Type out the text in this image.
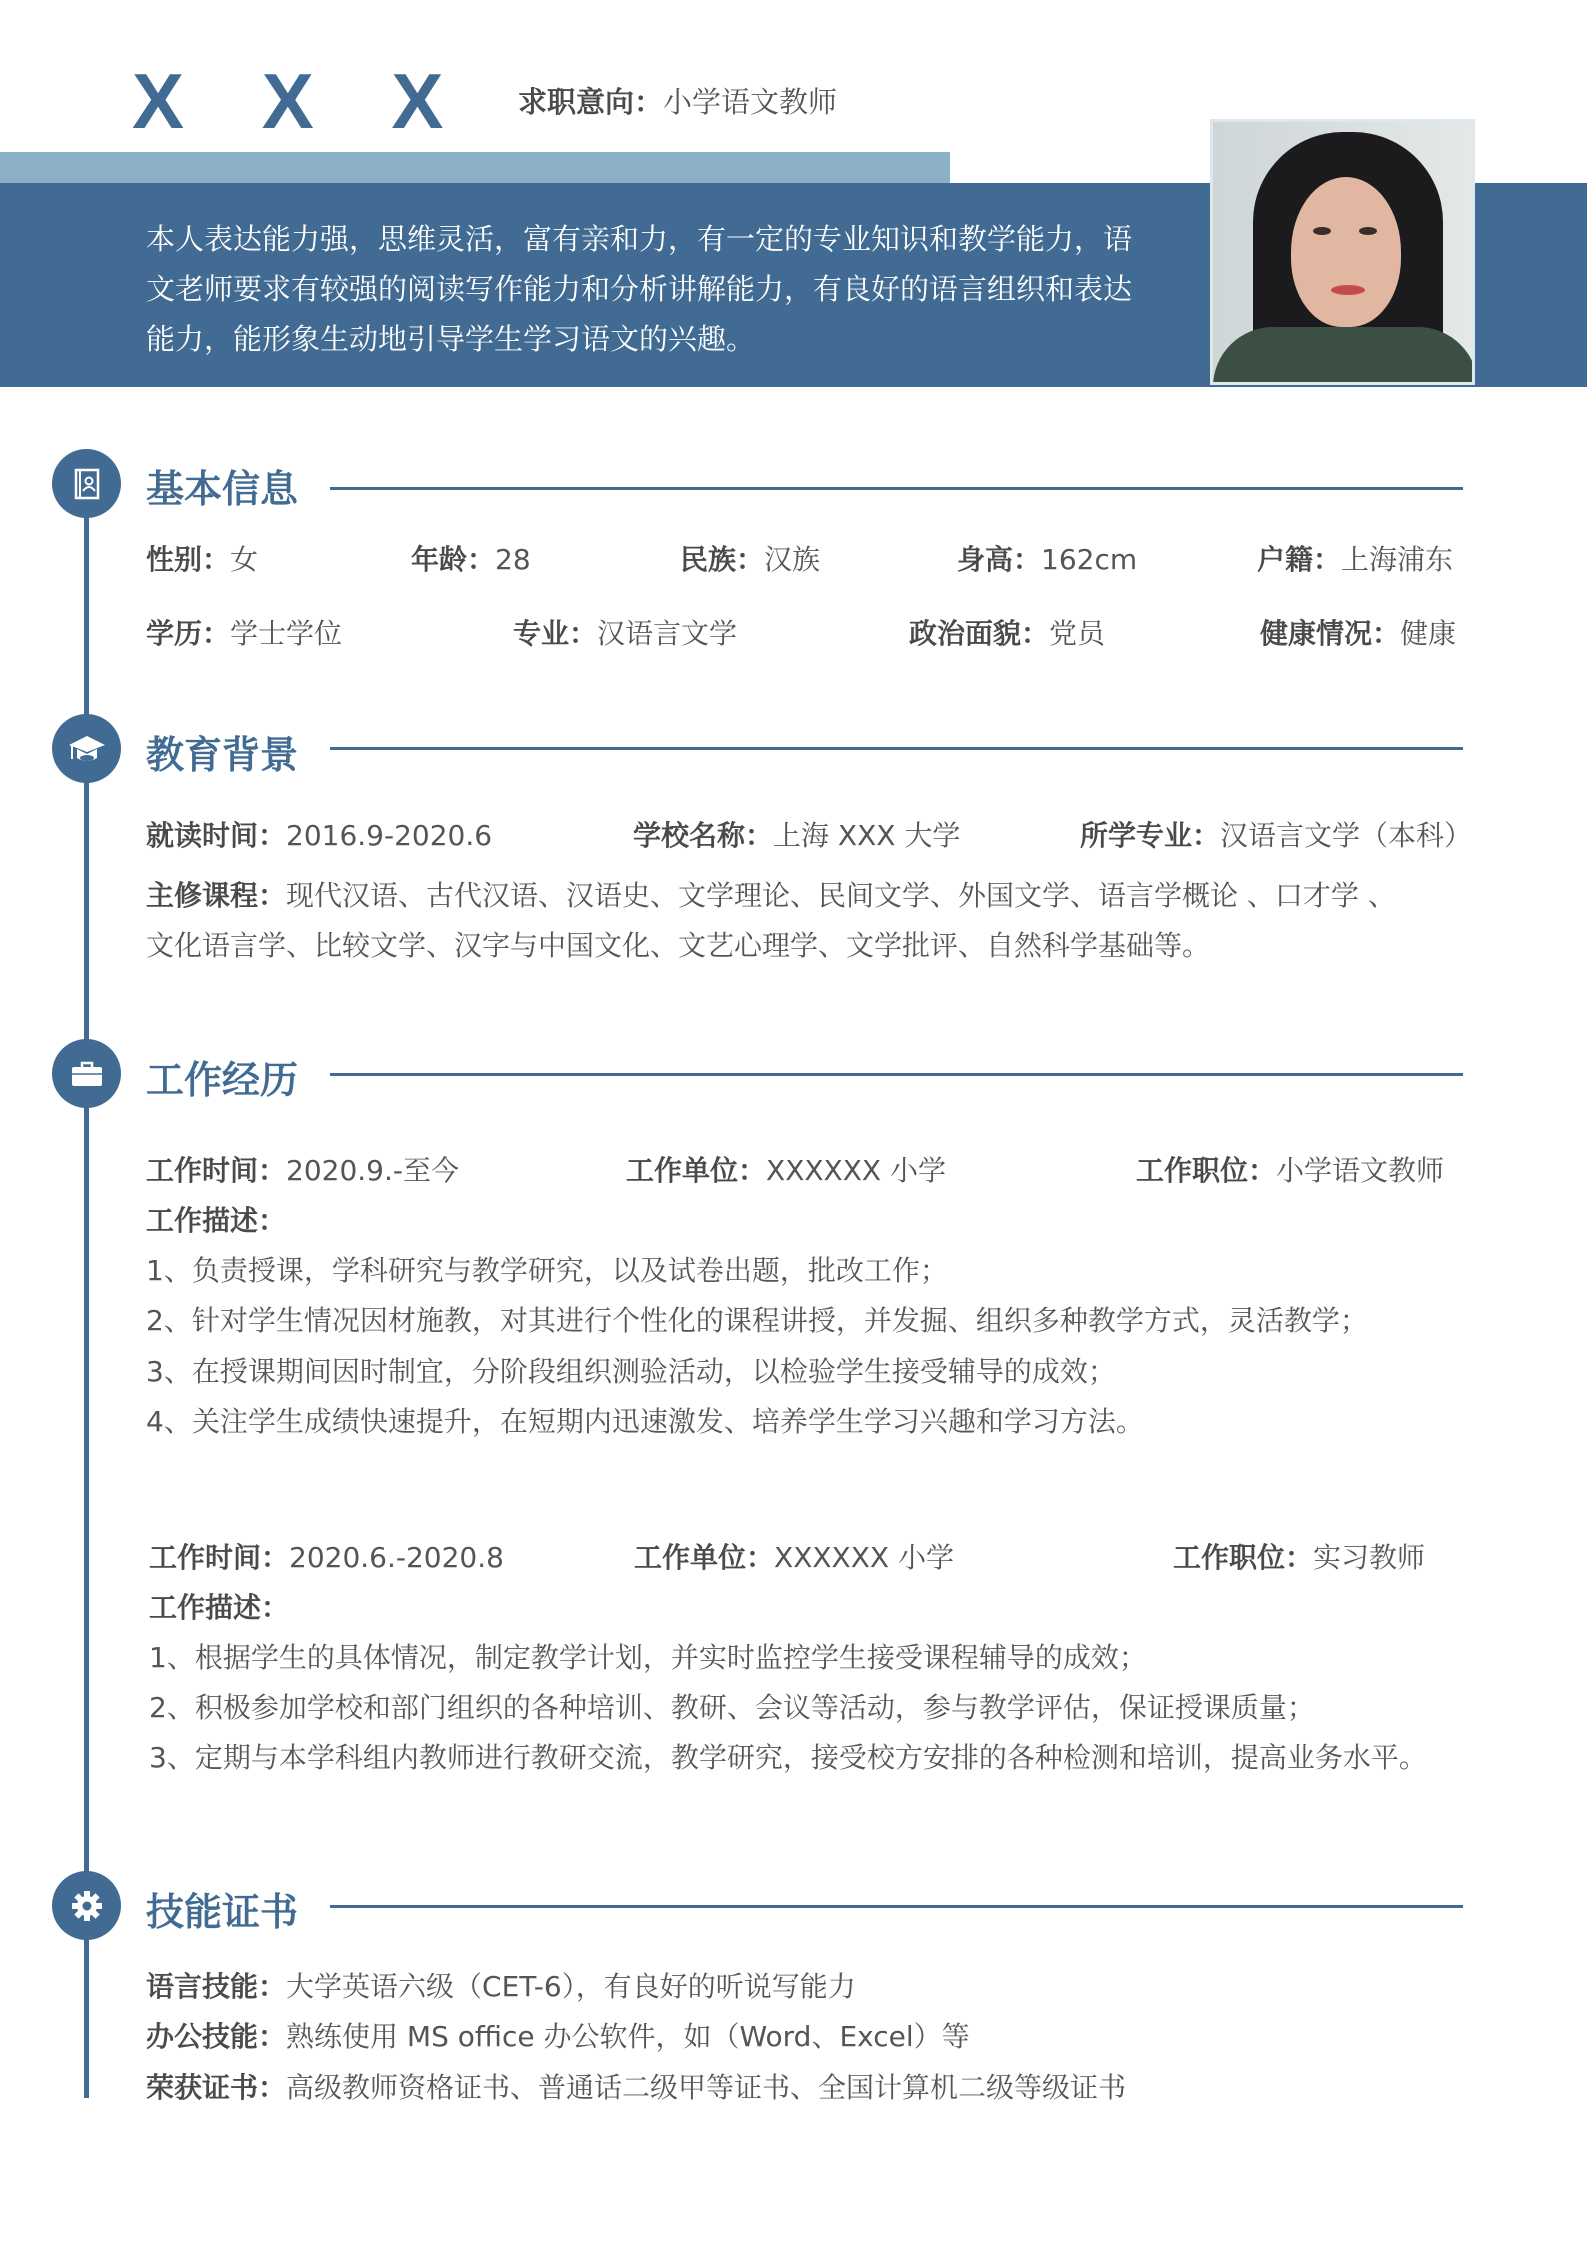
X X X 求职意向：小学语文教师
本人表达能力强，思维灵活，富有亲和力，有一定的专业知识和教学能力，语文老师要求有较强的阅读写作能力和分析讲解能力，有良好的语言组织和表达能力，能形象生动地引导学生学习语文的兴趣。
基本信息
性别：女	年龄：28	民族：汉族	身高：162cm	户籍：上海浦东
学历：学士学位	专业：汉语言文学	政治面貌：党员	健康情况：健康
教育背景
就读时间：2016.9-2020.6	学校名称：上海 XXX 大学	所学专业：汉语言文学（本科）
主修课程：现代汉语、古代汉语、汉语史、文学理论、民间文学、外国文学、语言学概论 、口才学 、
文化语言学、比较文学、汉字与中国文化、文艺心理学、文学批评、自然科学基础等。
工作经历
工作时间：2020.9.-至今	工作单位：XXXXXX 小学	工作职位：小学语文教师
工作描述：
1、负责授课，学科研究与教学研究，以及试卷出题，批改工作；
2、针对学生情况因材施教，对其进行个性化的课程讲授，并发掘、组织多种教学方式，灵活教学；
3、在授课期间因时制宜，分阶段组织测验活动，以检验学生接受辅导的成效；
4、关注学生成绩快速提升，在短期内迅速激发、培养学生学习兴趣和学习方法。
工作时间：2020.6.-2020.8	工作单位：XXXXXX 小学	工作职位：实习教师
工作描述：
1、根据学生的具体情况，制定教学计划，并实时监控学生接受课程辅导的成效；
2、积极参加学校和部门组织的各种培训、教研、会议等活动，参与教学评估，保证授课质量；
3、定期与本学科组内教师进行教研交流，教学研究，接受校方安排的各种检测和培训，提高业务水平。
技能证书
语言技能：大学英语六级（CET-6），有良好的听说写能力
办公技能：熟练使用 MS office 办公软件，如（Word、Excel）等
荣获证书：高级教师资格证书、普通话二级甲等证书、全国计算机二级等级证书
